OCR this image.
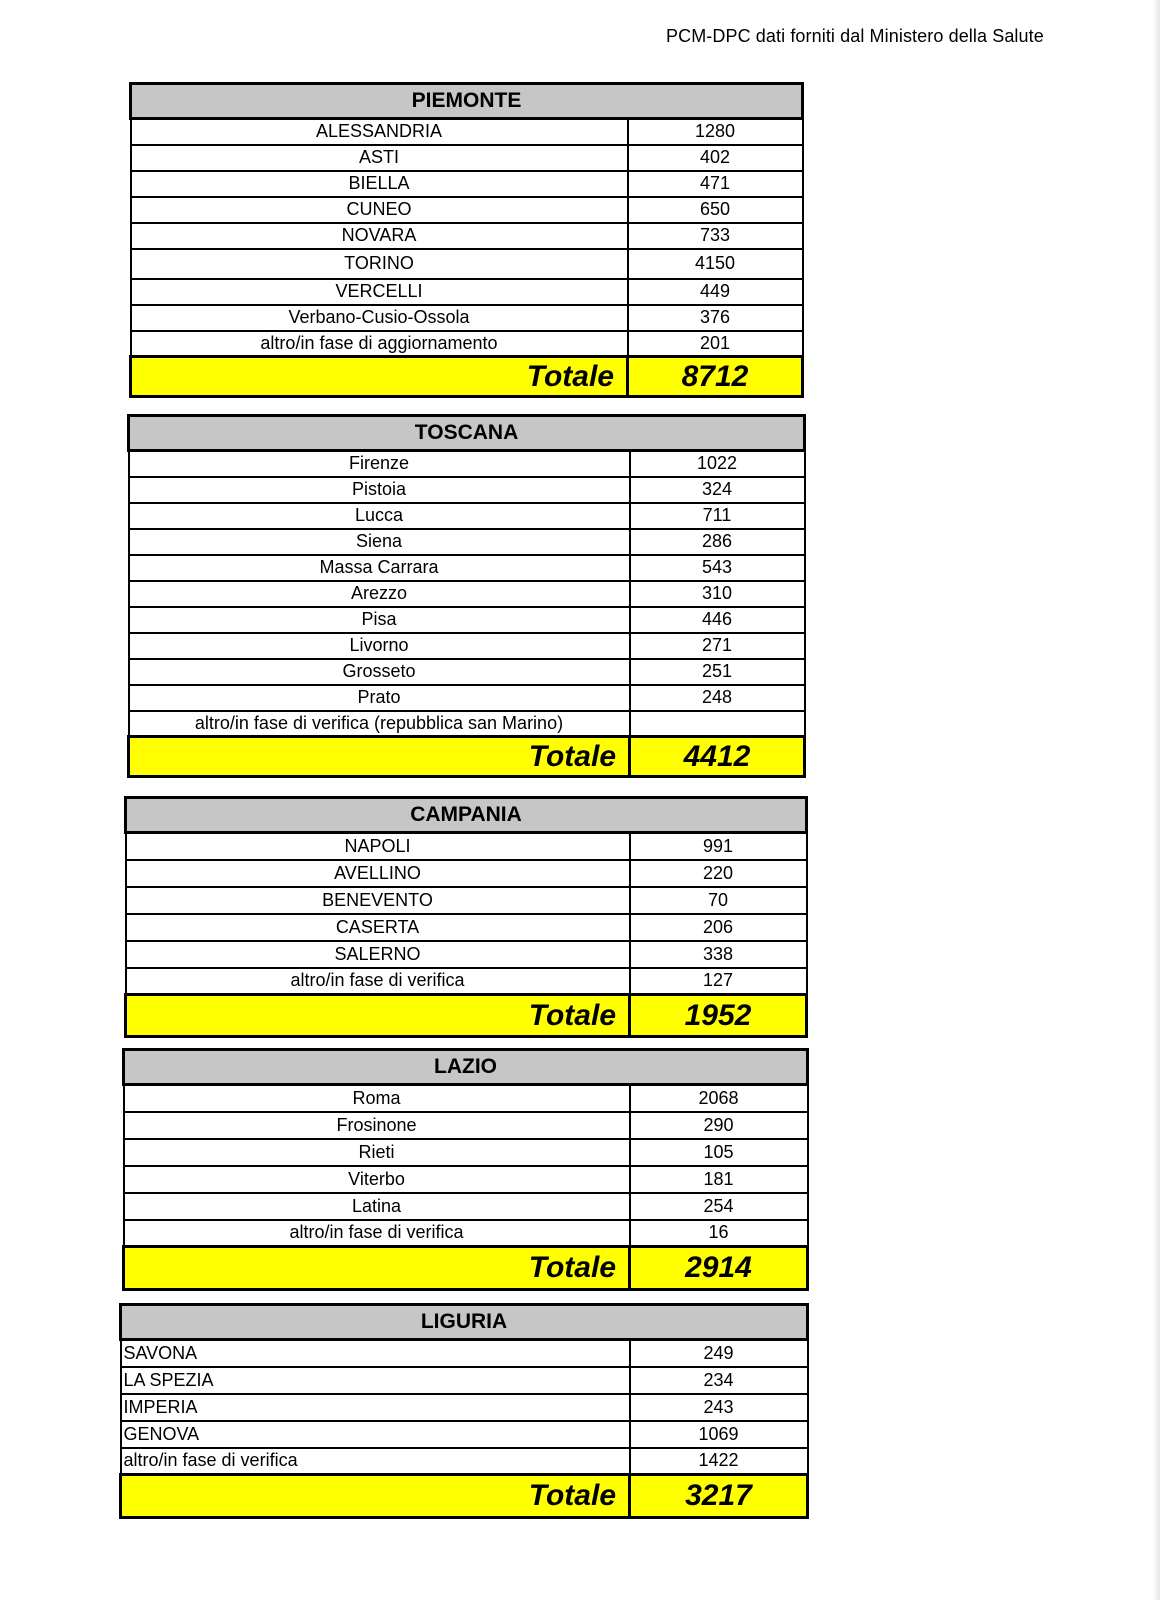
PCM-DPC dati forniti dal Ministero della Salute
PIEMONTE	
ALESSANDRIA	1280
ASTI	402
BIELLA	471
CUNEO	650
NOVARA	733
TORINO	4150
VERCELLI	449
Verbano-Cusio-Ossola	376
altro/in fase di aggiornamento	201
Totale	8712
TOSCANA	
Firenze	1022
Pistoia	324
Lucca	711
Siena	286
Massa Carrara	543
Arezzo	310
Pisa	446
Livorno	271
Grosseto	251
Prato	248
altro/in fase di verifica (repubblica san Marino)	
Totale	4412
CAMPANIA	
NAPOLI	991
AVELLINO	220
BENEVENTO	70
CASERTA	206
SALERNO	338
altro/in fase di verifica	127
Totale	1952
LAZIO	
Roma	2068
Frosinone	290
Rieti	105
Viterbo	181
Latina	254
altro/in fase di verifica	16
Totale	2914
LIGURIA	
SAVONA	249
LA SPEZIA	234
IMPERIA	243
GENOVA	1069
altro/in fase di verifica	1422
Totale	3217
